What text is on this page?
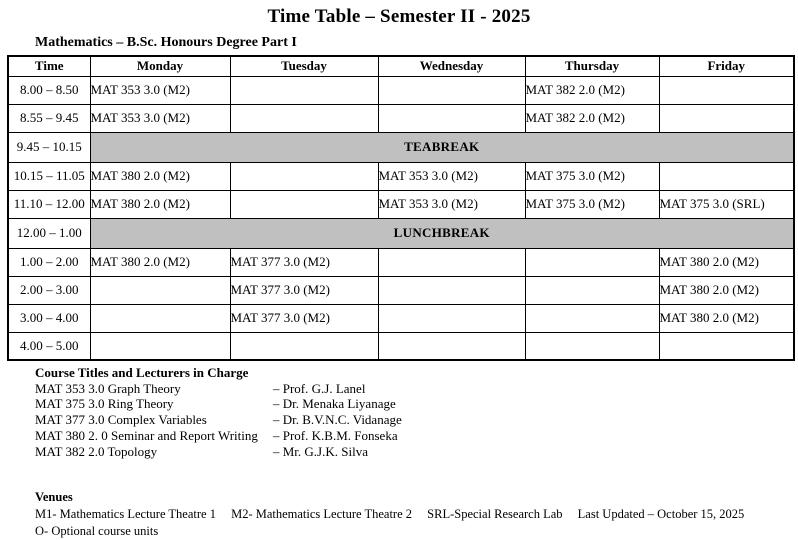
Time Table – Semester II - 2025
Mathematics – B.Sc. Honours Degree Part I
Time	Monday	Tuesday	Wednesday	Thursday	Friday
8.00 – 8.50	MAT 353 3.0 (M2)			MAT 382 2.0 (M2)	
8.55 – 9.45	MAT 353 3.0 (M2)			MAT 382 2.0 (M2)	
9.45 – 10.15	TEABREAK				
10.15 – 11.05	MAT 380 2.0 (M2)		MAT 353 3.0 (M2)	MAT 375 3.0 (M2)	
11.10 – 12.00	MAT 380 2.0 (M2)		MAT 353 3.0 (M2)	MAT 375 3.0 (M2)	MAT 375 3.0 (SRL)
12.00 – 1.00	LUNCHBREAK				
1.00 – 2.00	MAT 380 2.0 (M2)	MAT 377 3.0 (M2)			MAT 380 2.0 (M2)
2.00 – 3.00		MAT 377 3.0 (M2)			MAT 380 2.0 (M2)
3.00 – 4.00		MAT 377 3.0 (M2)			MAT 380 2.0 (M2)
4.00 – 5.00					
Course Titles and Lecturers in Charge
MAT 353 3.0 Graph Theory	– Prof. G.J. Lanel
MAT 375 3.0 Ring Theory	– Dr. Menaka Liyanage
MAT 377 3.0 Complex Variables	– Dr. B.V.N.C. Vidanage
MAT 380 2. 0 Seminar and Report Writing	– Prof. K.B.M. Fonseka
MAT 382 2.0 Topology	– Mr. G.J.K. Silva
Venues
M1- Mathematics Lecture Theatre 1 M2- Mathematics Lecture Theatre 2 SRL-Special Research Lab Last Updated – October 15, 2025
O- Optional course units
